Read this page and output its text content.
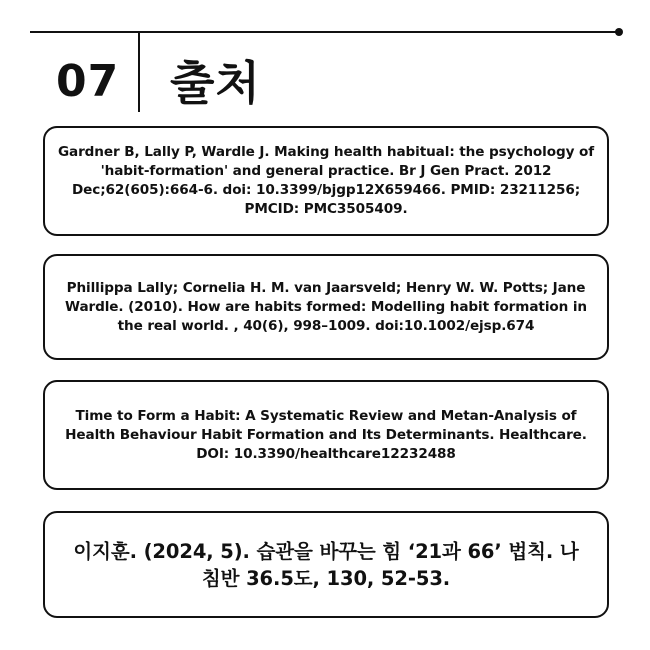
07 출처

Gardner B, Lally P, Wardle J. Making health habitual: the psychology of 'habit-formation' and general practice. Br J Gen Pract. 2012 Dec;62(605):664-6. doi: 10.3399/bjgp12X659466. PMID: 23211256; PMCID: PMC3505409.

Phillippa Lally; Cornelia H. M. van Jaarsveld; Henry W. W. Potts; Jane Wardle. (2010). How are habits formed: Modelling habit formation in the real world. , 40(6), 998–1009. doi:10.1002/ejsp.674

Time to Form a Habit: A Systematic Review and Metan-Analysis of Health Behaviour Habit Formation and Its Determinants. Healthcare. DOI: 10.3390/healthcare12232488

이지훈. (2024, 5). 습관을 바꾸는 힘 ‘21과 66’ 법칙. 나침반 36.5도, 130, 52-53.
